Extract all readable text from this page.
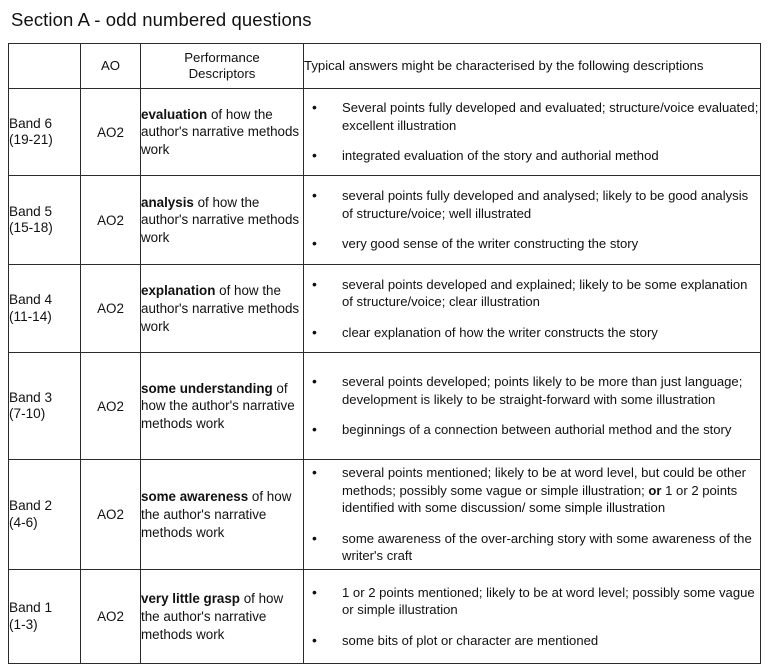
Section A - odd numbered questions
	AO	Performance
Descriptors	Typical answers might be characterised by the following descriptions

Band 6
(19-21)	AO2	evaluation of how the author's narrative methods work	
• Several points fully developed and evaluated; structure/voice evaluated; excellent illustration
• integrated evaluation of the story and authorial method

Band 5
(15-18)	AO2	analysis of how the author's narrative methods work	
• several points fully developed and analysed; likely to be good analysis of structure/voice; well illustrated
• very good sense of the writer constructing the story

Band 4
(11-14)	AO2	explanation of how the author's narrative methods work	
• several points developed and explained; likely to be some explanation of structure/voice; clear illustration
• clear explanation of how the writer constructs the story

Band 3
(7-10)	AO2	some understanding of how the author's narrative methods work	
• several points developed; points likely to be more than just language; development is likely to be straight-forward with some illustration
• beginnings of a connection between authorial method and the story

Band 2
(4-6)	AO2	some awareness of how the author's narrative methods work	
• several points mentioned; likely to be at word level, but could be other methods; possibly some vague or simple illustration; or 1 or 2 points identified with some discussion/ some simple illustration
• some awareness of the over-arching story with some awareness of the writer's craft

Band 1
(1-3)	AO2	very little grasp of how the author's narrative methods work	
• 1 or 2 points mentioned; likely to be at word level; possibly some vague or simple illustration
• some bits of plot or character are mentioned
